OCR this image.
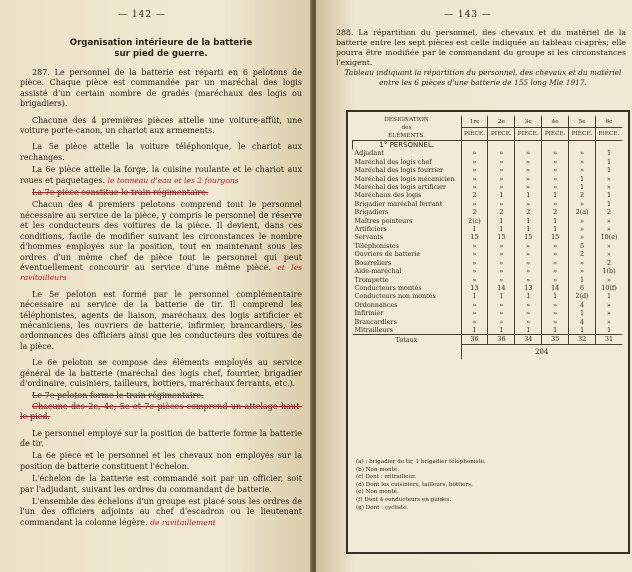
— 142 —
Organisation intérieure de la batterie
sur pied de guerre.

287. Le personnel de la batterie est réparti en 6 pelotons de pièce. Chaque pièce est commandée par un maréchal des logis assisté d'un certain nombre de gradés (maréchaux des logis ou brigadiers).

Chacune des 4 premières pièces attelle une voiture-affût, une voiture porte-canon, un chariot aux armements.

La 5e pièce attelle la voiture téléphonique, le chariot aux rechanges.

La 6e pièce attelle la forge, la cuisine roulante et le chariot aux roues et paquetages. le tonneau d'eau et les 2 fourgons

La 7e pièce constitue le train régimentaire.

Chacun des 4 premiers pelotons comprend tout le personnel nécessaire au service de la pièce, y compris le personnel de réserve et les conducteurs des voitures de la pièce. Il devient, dans ces conditions, facile de modifier suivant les circonstances le nombre d'hommes employés sur la position, tout en maintenant sous les ordres d'un même chef de pièce tout le personnel qui peut éventuellement concourir au service d'une même pièce. et les ravitailleurs

Le 5e peloton est formé par le personnel complémentaire nécessaire au service de la batterie de tir. Il comprend les téléphonistes, agents de liaison, maréchaux des logis artificier et mécaniciens, les ouvriers de batterie, infirmier, brancardiers, les ordonnances des officiers ainsi que les conducteurs des voitures de la pièce.

Le 6e peloton se compose des éléments employés au service général de la batterie (maréchal des logis chef, fourrier, brigadier d'ordinaire, cuisiniers, tailleurs, bottiers, maréchaux ferrants, etc.).

Le 7e peloton forme le train régimentaire.

Chacune des 2e, 4e, 5e et 7e pièces comprend un attelage haut-le-pied.

Le personnel employé sur la position de batterie forme la batterie de tir.

La 6e pièce et le personnel et les chevaux non employés sur la position de batterie constituent l'échelon.

L'échelon de la batterie est commandé soit par un officier, soit par l'adjudant, suivant les ordres du commandant de batterie.

L'ensemble des échelons d'un groupe est placé sous les ordres de l'un des officiers adjoints au chef d'escadron ou le lieutenant commandant la colonne légère. de ravitaillement

— 143 —

288. La répartition du personnel, des chevaux et du matériel de la batterie entre les sept pièces est celle indiquée au tableau ci-après; elle pourra être modifiée par le commandant du groupe si les circonstances l'exigent.

Tableau indiquant la répartition du personnel, des chevaux et du matériel entre les 6 pièces d'une batterie de 155 long Mle 1917.
DÉSIGNATION
des
ÉLÉMENTS.	1re	2e	3e	4e	5e	6e
	PIÈCE.	PIÈCE.	PIÈCE.	PIÈCE.	PIÈCE.	PIÈCE.
1° PERSONNEL.						
Adjudant	»	»	»	»	»	1
Maréchal des logis chef	»	»	»	»	»	1
Maréchal des logis fourrier	»	»	»	»	»	1
Maréchal des logis mécanicien	»	»	»	»	1	»
Maréchal des logis artificier	»	»	»	»	1	»
Maréchaux des logis	2	1	1	1	2	1
Brigadier maréchal ferrant	»	»	»	»	»	1
Brigadiers	2	2	2	2	2(a)	2
Maîtres pointeurs	2(c)	1	1	1	»	»
Artificiers	1	1	1	1	»	»
Servants	15	15	15	15	»	10(e)
Téléphonistes	»	»	»	»	5	»
Ouvriers de batterie	»	»	»	»	2	»
Bourreliers	»	»	»	»	»	2
Aide-maréchal	»	»	»	»	»	1(b)
Trompette	»	»	»	»	1	»
Conducteurs montés	13	14	13	14	6	10(f)
Conducteurs non montés	1	1	1	1	2(d)	1
Ordonnances	»	»	»	»	4	»
Infirmier	»	»	»	»	1	»
Brancardiers	»	»	»	»	4	»
Mitrailleurs	1	1	1	1	1	1
Totaux	36	36	34	35	32	31
	204					
(a) : brigadier de tir, 1 brigadier téléphoniste.
(b) Non monté.
(c) Dont : mitrailleur.
(d) Dont les cuisiniers, tailleurs, bottiers.
(e) Non monté.
(f) Dont 4 conducteurs en guides.
(g) Dont : cycliste.
